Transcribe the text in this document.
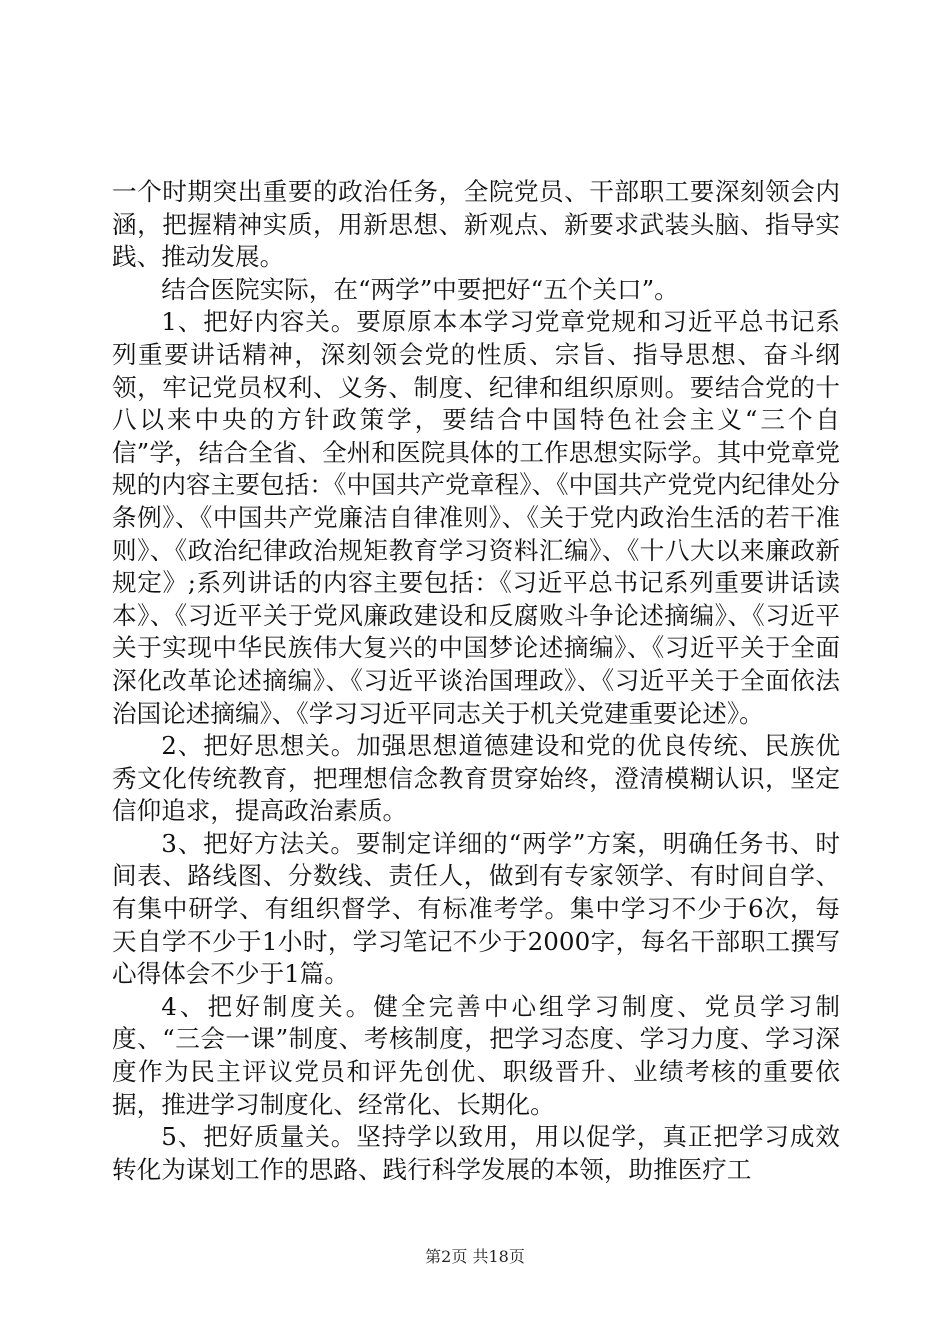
一个时期突出重要的政治任务，全院党员、干部职工要深刻领会内涵，把握精神实质，用新思想、新观点、新要求武装头脑、指导实践、推动发展。

结合医院实际，在“两学”中要把好“五个关口”。

1、把好内容关。要原原本本学习党章党规和习近平总书记系列重要讲话精神，深刻领会党的性质、宗旨、指导思想、奋斗纲领，牢记党员权利、义务、制度、纪律和组织原则。要结合党的十八以来中央的方针政策学，要结合中国特色社会主义“三个自信”学，结合全省、全州和医院具体的工作思想实际学。其中党章党规的内容主要包括：《中国共产党章程》、《中国共产党党内纪律处分条例》、《中国共产党廉洁自律准则》、《关于党内政治生活的若干准则》、《政治纪律政治规矩教育学习资料汇编》、《十八大以来廉政新规定》;系列讲话的内容主要包括：《习近平总书记系列重要讲话读本》、《习近平关于党风廉政建设和反腐败斗争论述摘编》、《习近平关于实现中华民族伟大复兴的中国梦论述摘编》、《习近平关于全面深化改革论述摘编》、《习近平谈治国理政》、《习近平关于全面依法治国论述摘编》、《学习习近平同志关于机关党建重要论述》。

2、把好思想关。加强思想道德建设和党的优良传统、民族优秀文化传统教育，把理想信念教育贯穿始终，澄清模糊认识，坚定信仰追求，提高政治素质。

3、把好方法关。要制定详细的“两学”方案，明确任务书、时间表、路线图、分数线、责任人，做到有专家领学、有时间自学、有集中研学、有组织督学、有标准考学。集中学习不少于6次，每天自学不少于1小时，学习笔记不少于2000字，每名干部职工撰写心得体会不少于1篇。

4、把好制度关。健全完善中心组学习制度、党员学习制度、“三会一课”制度、考核制度，把学习态度、学习力度、学习深度作为民主评议党员和评先创优、职级晋升、业绩考核的重要依据，推进学习制度化、经常化、长期化。

5、把好质量关。坚持学以致用，用以促学，真正把学习成效转化为谋划工作的思路、践行科学发展的本领，助推医疗工

第2页 共18页
